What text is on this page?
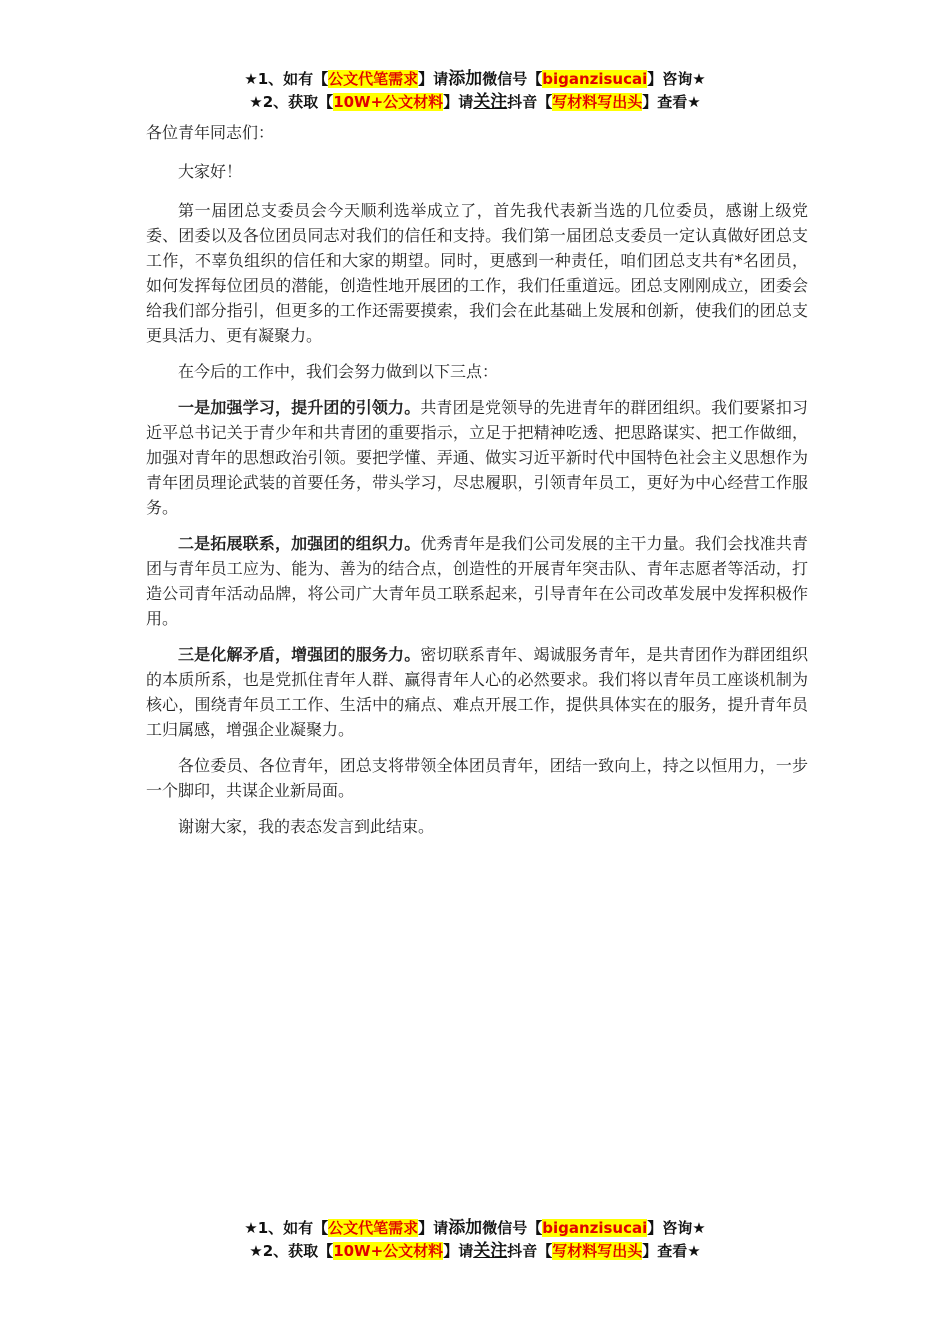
★1、如有【公文代笔需求】请添加微信号【biganzisucai】咨询★
★2、获取【10W+公文材料】请关注抖音【写材料写出头】查看★

各位青年同志们：

大家好！

第一届团总支委员会今天顺利选举成立了，首先我代表新当选的几位委员，感谢上级党委、团委以及各位团员同志对我们的信任和支持。我们第一届团总支委员一定认真做好团总支工作，不辜负组织的信任和大家的期望。同时，更感到一种责任，咱们团总支共有*名团员，如何发挥每位团员的潜能，创造性地开展团的工作，我们任重道远。团总支刚刚成立，团委会给我们部分指引，但更多的工作还需要摸索，我们会在此基础上发展和创新，使我们的团总支更具活力、更有凝聚力。

在今后的工作中，我们会努力做到以下三点：

一是加强学习，提升团的引领力。共青团是党领导的先进青年的群团组织。我们要紧扣习近平总书记关于青少年和共青团的重要指示，立足于把精神吃透、把思路谋实、把工作做细，加强对青年的思想政治引领。要把学懂、弄通、做实习近平新时代中国特色社会主义思想作为青年团员理论武装的首要任务，带头学习，尽忠履职，引领青年员工，更好为中心经营工作服务。

二是拓展联系，加强团的组织力。优秀青年是我们公司发展的主干力量。我们会找准共青团与青年员工应为、能为、善为的结合点，创造性的开展青年突击队、青年志愿者等活动，打造公司青年活动品牌，将公司广大青年员工联系起来，引导青年在公司改革发展中发挥积极作用。

三是化解矛盾，增强团的服务力。密切联系青年、竭诚服务青年，是共青团作为群团组织的本质所系，也是党抓住青年人群、赢得青年人心的必然要求。我们将以青年员工座谈机制为核心，围绕青年员工工作、生活中的痛点、难点开展工作，提供具体实在的服务，提升青年员工归属感，增强企业凝聚力。

各位委员、各位青年，团总支将带领全体团员青年，团结一致向上，持之以恒用力，一步一个脚印，共谋企业新局面。

谢谢大家，我的表态发言到此结束。

★1、如有【公文代笔需求】请添加微信号【biganzisucai】咨询★
★2、获取【10W+公文材料】请关注抖音【写材料写出头】查看★
